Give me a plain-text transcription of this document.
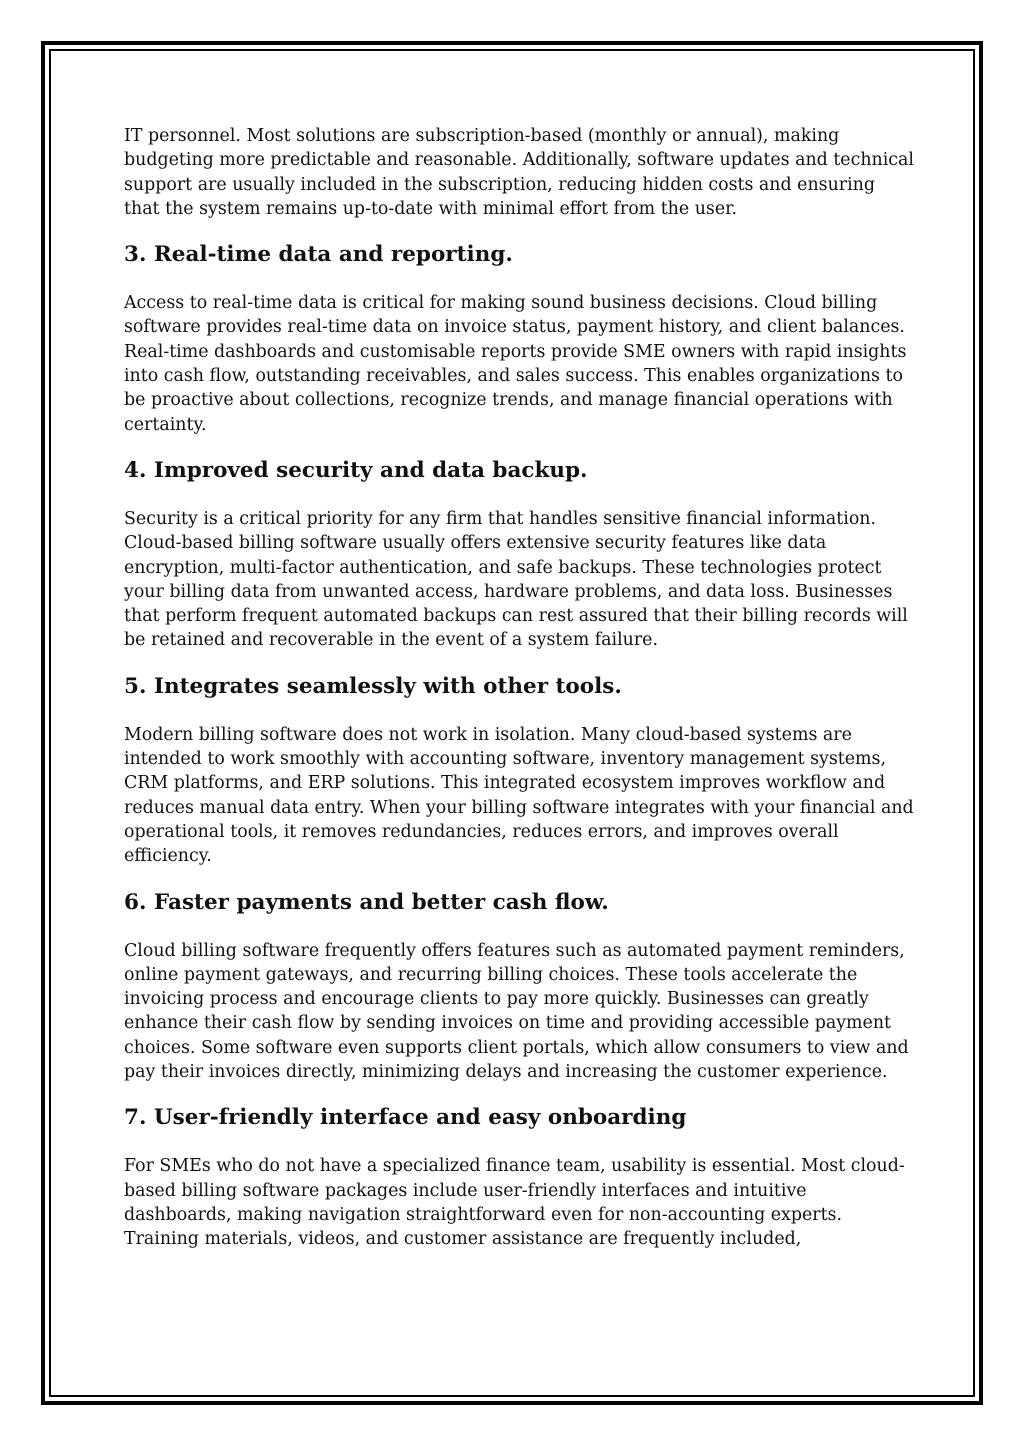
IT personnel. Most solutions are subscription-based (monthly or annual), making budgeting more predictable and reasonable. Additionally, software updates and technical support are usually included in the subscription, reducing hidden costs and ensuring that the system remains up-to-date with minimal effort from the user.

3. Real-time data and reporting.

Access to real-time data is critical for making sound business decisions. Cloud billing software provides real-time data on invoice status, payment history, and client balances. Real-time dashboards and customisable reports provide SME owners with rapid insights into cash flow, outstanding receivables, and sales success. This enables organizations to be proactive about collections, recognize trends, and manage financial operations with certainty.

4. Improved security and data backup.

Security is a critical priority for any firm that handles sensitive financial information. Cloud-based billing software usually offers extensive security features like data encryption, multi-factor authentication, and safe backups. These technologies protect your billing data from unwanted access, hardware problems, and data loss. Businesses that perform frequent automated backups can rest assured that their billing records will be retained and recoverable in the event of a system failure.

5. Integrates seamlessly with other tools.

Modern billing software does not work in isolation. Many cloud-based systems are intended to work smoothly with accounting software, inventory management systems, CRM platforms, and ERP solutions. This integrated ecosystem improves workflow and reduces manual data entry. When your billing software integrates with your financial and operational tools, it removes redundancies, reduces errors, and improves overall efficiency.

6. Faster payments and better cash flow.

Cloud billing software frequently offers features such as automated payment reminders, online payment gateways, and recurring billing choices. These tools accelerate the invoicing process and encourage clients to pay more quickly. Businesses can greatly enhance their cash flow by sending invoices on time and providing accessible payment choices. Some software even supports client portals, which allow consumers to view and pay their invoices directly, minimizing delays and increasing the customer experience.

7. User-friendly interface and easy onboarding

For SMEs who do not have a specialized finance team, usability is essential. Most cloud-based billing software packages include user-friendly interfaces and intuitive dashboards, making navigation straightforward even for non-accounting experts. Training materials, videos, and customer assistance are frequently included,
